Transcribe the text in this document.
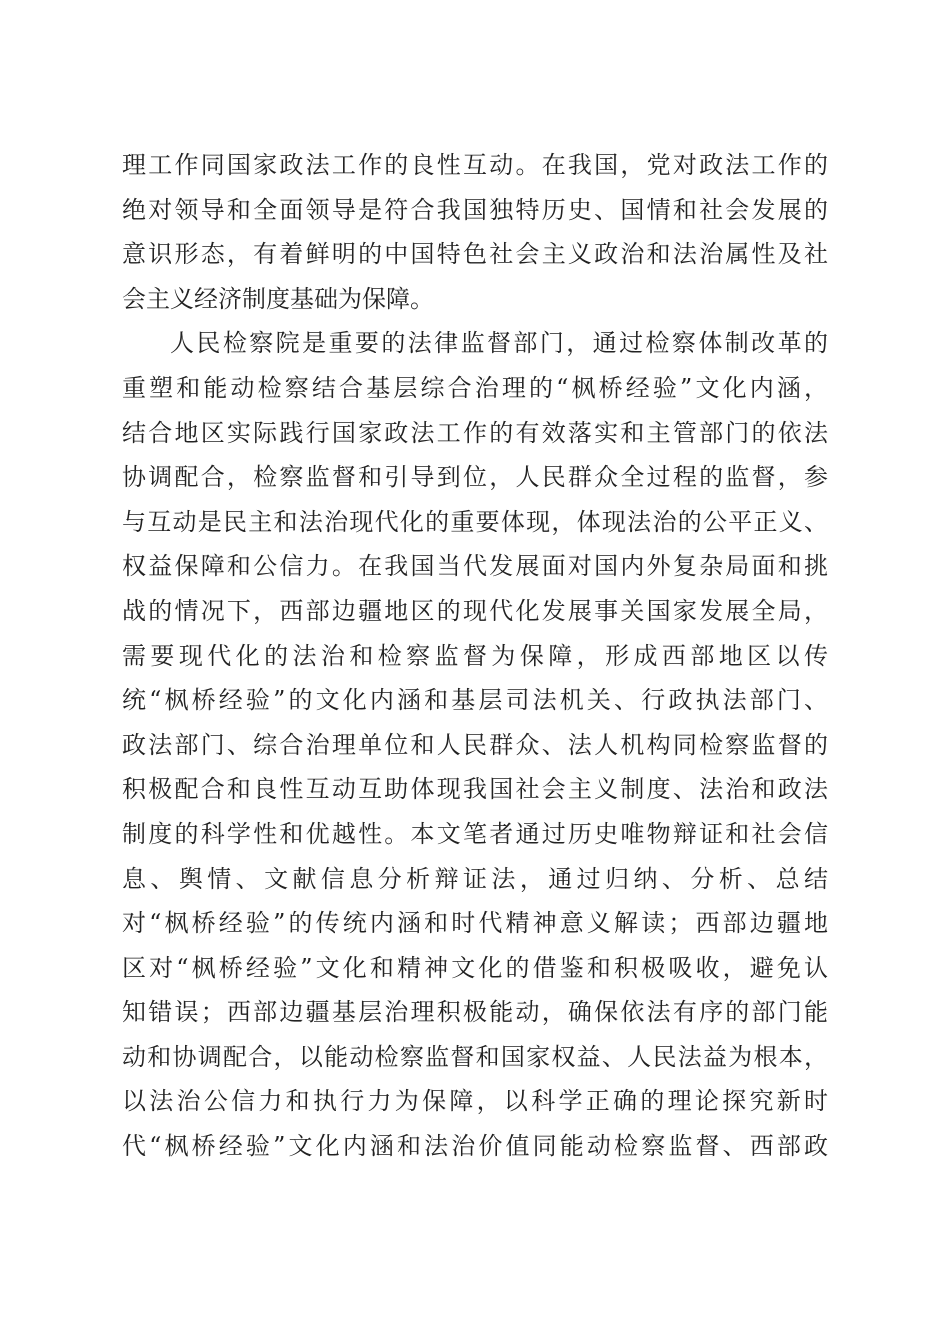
理工作同国家政法工作的良性互动。在我国，党对政法工作的
绝对领导和全面领导是符合我国独特历史、国情和社会发展的
意识形态，有着鲜明的中国特色社会主义政治和法治属性及社
会主义经济制度基础为保障。
人民检察院是重要的法律监督部门，通过检察体制改革的
重塑和能动检察结合基层综合治理的“枫桥经验”文化内涵，
结合地区实际践行国家政法工作的有效落实和主管部门的依法
协调配合，检察监督和引导到位，人民群众全过程的监督，参
与互动是民主和法治现代化的重要体现，体现法治的公平正义、
权益保障和公信力。在我国当代发展面对国内外复杂局面和挑
战的情况下，西部边疆地区的现代化发展事关国家发展全局，
需要现代化的法治和检察监督为保障，形成西部地区以传
统“枫桥经验”的文化内涵和基层司法机关、行政执法部门、
政法部门、综合治理单位和人民群众、法人机构同检察监督的
积极配合和良性互动互助体现我国社会主义制度、法治和政法
制度的科学性和优越性。本文笔者通过历史唯物辩证和社会信
息、舆情、文献信息分析辩证法，通过归纳、分析、总结
对“枫桥经验”的传统内涵和时代精神意义解读；西部边疆地
区对“枫桥经验”文化和精神文化的借鉴和积极吸收，避免认
知错误；西部边疆基层治理积极能动，确保依法有序的部门能
动和协调配合，以能动检察监督和国家权益、人民法益为根本，
以法治公信力和执行力为保障，以科学正确的理论探究新时
代“枫桥经验”文化内涵和法治价值同能动检察监督、西部政
